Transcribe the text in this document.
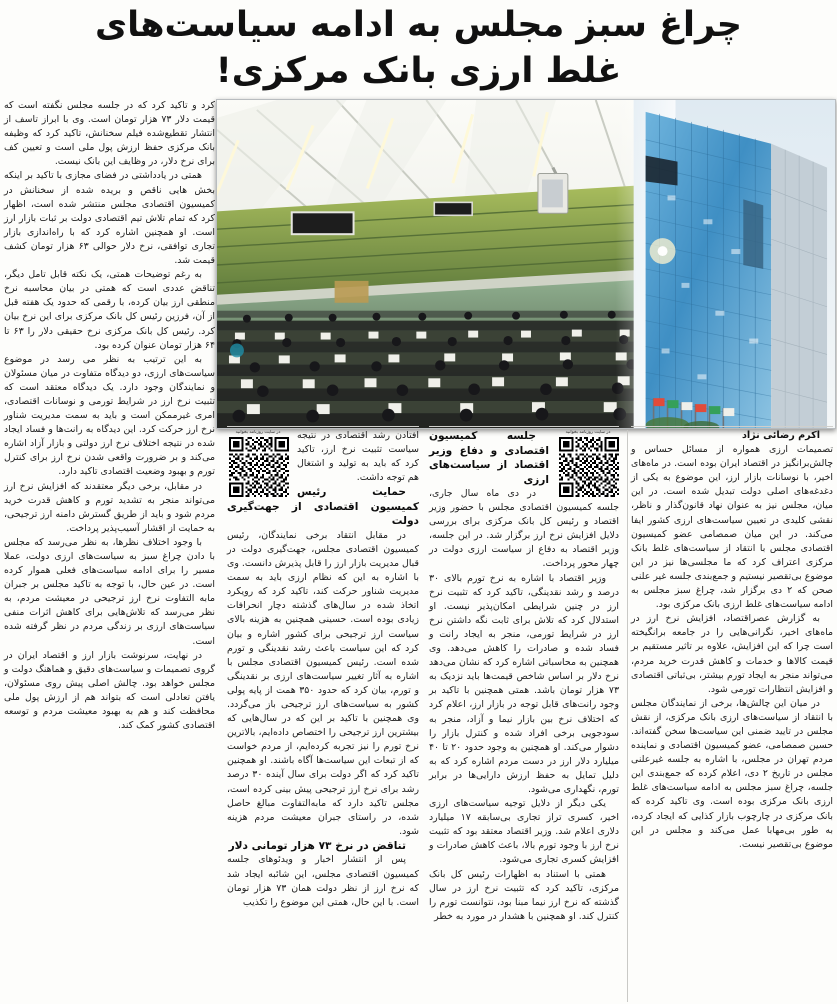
چراغ سبز مجلس به ادامه سیاست‌های
غلط ارزی بانک مرکزی!

اکرم رضائی نژاد

تصمیمات ارزی همواره از مسائل حساس و چالش‌برانگیز در اقتصاد ایران بوده است. در ماه‌های اخیر، با نوسانات بازار ارز، این موضوع به یکی از دغدغه‌های اصلی دولت تبدیل شده است. در این میان، مجلس نیز به عنوان نهاد قانون‌گذار و ناظر، نقشی کلیدی در تعیین سیاست‌های ارزی کشور ایفا می‌کند. در این میان صمصامی عضو کمیسیون اقتصادی مجلس با انتقاد از سیاست‌های غلط بانک مرکزی اعتراف کرد که ما مجلسی‌ها نیز در این موضوع بی‌تقصیر نیستیم و جمع‌بندی جلسه غیر علنی صحن که ۲ دی برگزار شد، چراغ سبز مجلس به ادامه سیاست‌های غلط ارزی بانک مرکزی بود.

به گزارش عصراقتصاد، افزایش نرخ ارز در ماه‌های اخیر، نگرانی‌هایی را در جامعه برانگیخته است چرا که این افزایش، علاوه بر تاثیر مستقیم بر قیمت کالاها و خدمات و کاهش قدرت خرید مردم، می‌تواند منجر به ایجاد تورم بیشتر، بی‌ثباتی اقتصادی و افزایش انتظارات تورمی شود.

در میان این چالش‌ها، برخی از نمایندگان مجلس با انتقاد از سیاست‌های ارزی بانک مرکزی، از نقش مجلس در تایید ضمنی این سیاست‌ها سخن گفته‌اند. حسین صمصامی، عضو کمیسیون اقتصادی و نماینده مردم تهران در مجلس، با اشاره به جلسه غیرعلنی مجلس در تاریخ ۲ دی، اعلام کرده که جمع‌بندی این جلسه، چراغ سبز مجلس به ادامه سیاست‌های غلط ارزی بانک مرکزی بوده است. وی تاکید کرده که بانک مرکزی در چارچوب بازار کذایی که ایجاد کرده، به طور بی‌مهابا عمل می‌کند و مجلس در این موضوع بی‌تقصیر نیست.

در سایت روزنامه بخوانید

جلسه کمیسیون اقتصادی و دفاع وزیر اقتصاد از سیاست‌های ارزی

در دی ماه سال جاری، جلسه کمیسیون اقتصادی مجلس با حضور وزیر اقتصاد و رئیس کل بانک مرکزی برای بررسی دلایل افزایش نرخ ارز برگزار شد. در این جلسه، وزیر اقتصاد به دفاع از سیاست ارزی دولت در چهار محور پرداخت.

وزیر اقتصاد با اشاره به نرخ تورم بالای ۳۰ درصد و رشد نقدینگی، تاکید کرد که تثبیت نرخ ارز در چنین شرایطی امکان‌پذیر نیست. او استدلال کرد که تلاش برای ثابت نگه داشتن نرخ ارز در شرایط تورمی، منجر به ایجاد رانت و فساد شده و صادرات را کاهش می‌دهد. وی همچنین به محاسباتی اشاره کرد که نشان می‌دهد نرخ دلار بر اساس شاخص قیمت‌ها باید نزدیک به ۷۳ هزار تومان باشد. همتی همچنین با تاکید بر وجود رانت‌های قابل توجه در بازار ارز، اعلام کرد که اختلاف نرخ بین بازار نیما و آزاد، منجر به سودجویی برخی افراد شده و کنترل بازار را دشوار می‌کند. او همچنین به وجود حدود ۲۰ تا ۴۰ میلیارد دلار ارز در دست مردم اشاره کرد که به دلیل تمایل به حفظ ارزش دارایی‌ها در برابر تورم، نگهداری می‌شود.

یکی دیگر از دلایل توجیه سیاست‌های ارزی اخیر، کسری تراز تجاری بی‌سابقه ۱۷ میلیارد دلاری اعلام شد. وزیر اقتصاد معتقد بود که تثبیت نرخ ارز با وجود تورم بالا، باعث کاهش صادرات و افزایش کسری تجاری می‌شود.

همتی با استناد به اظهارات رئیس کل بانک مرکزی، تاکید کرد که تثبیت نرخ ارز در سال گذشته که نرخ ارز نیما مبنا بود، نتوانست تورم را کنترل کند. او همچنین با هشدار در مورد به خطر

در سایت روزنامه بخوانید	افتادن رشد اقتصادی در نتیجه سیاست تثبیت نرخ ارز، تاکید کرد که باید به تولید و اشتغال هم توجه داشت.

حمایت رئیس کمیسیون اقتصادی از جهت‌گیری دولت

در مقابل انتقاد برخی نمایندگان، رئیس کمیسیون اقتصادی مجلس، جهت‌گیری دولت در قبال مدیریت بازار ارز را قابل پذیرش دانست. وی با اشاره به این که نظام ارزی باید به سمت مدیریت شناور حرکت کند، تاکید کرد که رویکرد اتخاذ شده در سال‌های گذشته دچار انحرافات زیادی بوده است. حسینی همچنین به هزینه بالای سیاست ارز ترجیحی برای کشور اشاره و بیان کرد که این سیاست باعث رشد نقدینگی و تورم شده است. رئیس کمیسیون اقتصادی مجلس با اشاره به آثار تغییر سیاست‌های ارزی بر نقدینگی و تورم، بیان کرد که حدود ۳۵۰ همت از پایه پولی کشور به سیاست‌های ارز ترجیحی باز می‌گردد. وی همچنین با تاکید بر این که در سال‌هایی که بیشترین ارز ترجیحی را اختصاص داده‌ایم، بالاترین نرخ تورم را نیز تجربه کرده‌ایم، از مردم خواست که از تبعات این سیاست‌ها آگاه باشند. او همچنین تاکید کرد که اگر دولت برای سال آینده ۳۰ درصد رشد برای نرخ ارز ترجیحی پیش بینی کرده است، مجلس تاکید دارد که مابه‌التفاوت مبالغ حاصل شده، در راستای جبران معیشت مردم هزینه شود.

تناقض در نرخ ۷۳ هزار تومانی دلار

پس از انتشار اخبار و ویدئوهای جلسه کمیسیون اقتصادی مجلس، این شائبه ایجاد شد که نرخ ارز از نظر دولت همان ۷۳ هزار تومان است. با این حال، همتی این موضوع را تکذیب

کرد و تاکید کرد که در جلسه مجلس نگفته است که قیمت دلار ۷۳ هزار تومان است. وی با ابراز تاسف از انتشار تقطیع‌شده فیلم سخنانش، تاکید کرد که وظیفه بانک مرکزی حفظ ارزش پول ملی است و تعیین کف برای نرخ دلار، در وظایف این بانک نیست.

همتی در یادداشتی در فضای مجازی با تاکید بر اینکه بخش هایی ناقص و بریده شده از سخنانش در کمیسیون اقتصادی مجلس منتشر شده است، اظهار کرد که تمام تلاش تیم اقتصادی دولت بر ثبات بازار ارز است. او همچنین اشاره کرد که با راه‌اندازی بازار تجاری توافقی، نرخ دلار حوالی ۶۳ هزار تومان کشف قیمت شد.

به رغم توضیحات همتی، یک نکته قابل تامل دیگر، تناقض عددی است که همتی در بیان محاسبه نرخ منطقی ارز بیان کرده، با رقمی که حدود یک هفته قبل از آن، فرزین رئیس کل بانک مرکزی برای این نرخ بیان کرد. رئیس کل بانک مرکزی نرخ حقیقی دلار را ۶۳ تا ۶۴ هزار تومان عنوان کرده بود.

به این ترتیب به نظر می رسد در موضوع سیاست‌های ارزی، دو دیدگاه متفاوت در میان مسئولان و نمایندگان وجود دارد. یک دیدگاه معتقد است که تثبیت نرخ ارز در شرایط تورمی و نوسانات اقتصادی، امری غیرممکن است و باید به سمت مدیریت شناور نرخ ارز حرکت کرد. این دیدگاه به رانت‌ها و فساد ایجاد شده در نتیجه اختلاف نرخ ارز دولتی و بازار آزاد اشاره می‌کند و بر ضرورت واقعی شدن نرخ ارز برای کنترل تورم و بهبود وضعیت اقتصادی تاکید دارد.

در مقابل، برخی دیگر معتقدند که افزایش نرخ ارز می‌تواند منجر به تشدید تورم و کاهش قدرت خرید مردم شود و باید از طریق گسترش دامنه ارز ترجیحی، به حمایت از اقشار آسیب‌پذیر پرداخت.

با وجود اختلاف نظرها، به نظر می‌رسد که مجلس با دادن چراغ سبز به سیاست‌های ارزی دولت، عملا مسیر را برای ادامه سیاست‌های فعلی هموار کرده است. در عین حال، با توجه به تاکید مجلس بر جبران مابه التفاوت نرخ ارز ترجیحی در معیشت مردم، به نظر می‌رسد که تلاش‌هایی برای کاهش اثرات منفی سیاست‌های ارزی بر زندگی مردم در نظر گرفته شده است.

در نهایت، سرنوشت بازار ارز و اقتصاد ایران در گروی تصمیمات و سیاست‌های دقیق و هماهنگ دولت و مجلس خواهد بود. چالش اصلی پیش روی مسئولان، یافتن تعادلی است که بتواند هم از ارزش پول ملی محافظت کند و هم به بهبود معیشت مردم و توسعه اقتصادی کشور کمک کند.
